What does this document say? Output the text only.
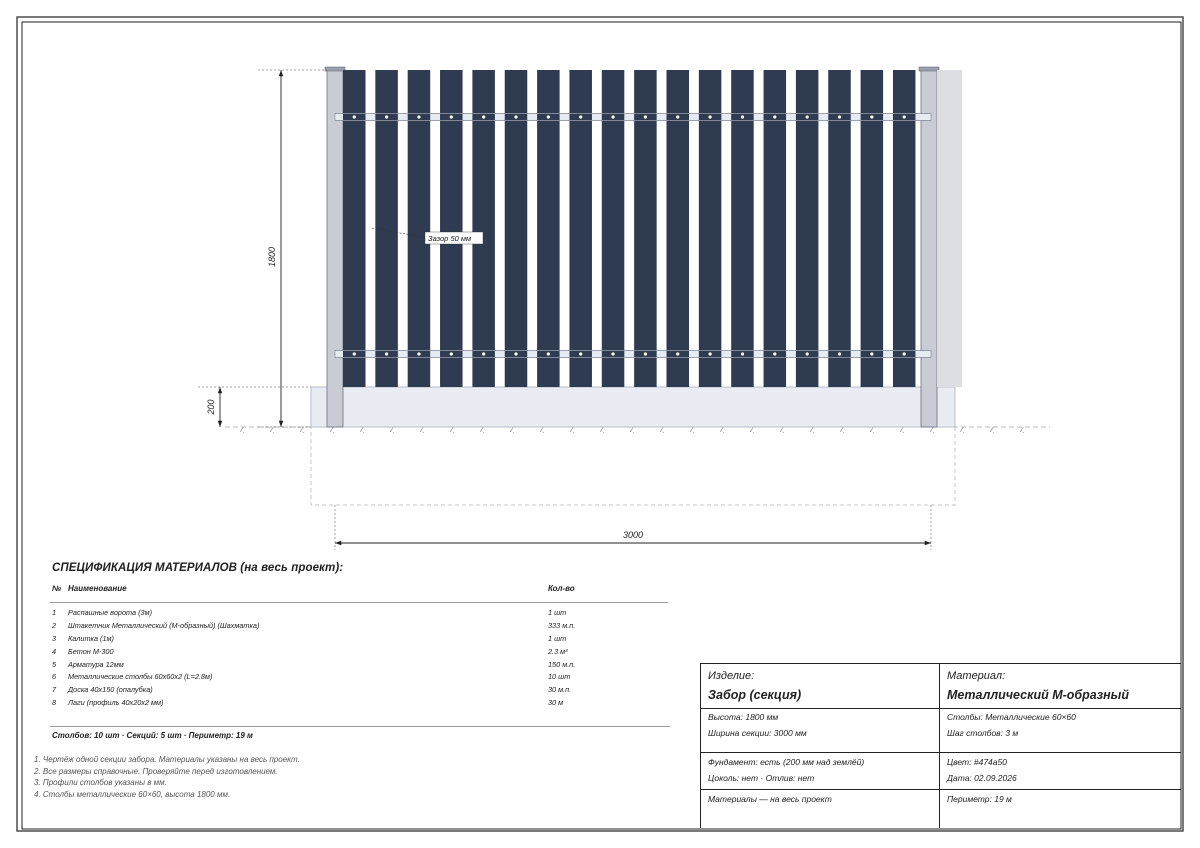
Зазор 50 мм
1800
200
3000
СПЕЦИФИКАЦИЯ МАТЕРИАЛОВ (на весь проект):
№ Наименование	Кол-во
1	Распашные ворота (3м)	1 шт
2	Штакетник Металлический (М-образный) (Шахматка)	333 м.п.
3	Калитка (1м)	1 шт
4	Бетон М-300	2.3 м³
5	Арматура 12мм	150 м.п.
6	Металлические столбы 60x60x2 (L=2.8м)	10 шт
7	Доска 40x150 (опалубка)	30 м.п.
8	Лаги (профиль 40x20x2 мм)	30 м
Столбов: 10 шт · Секций: 5 шт · Периметр: 19 м
1. Чертёж одной секции забора. Материалы указаны на весь проект.
2. Все размеры справочные. Проверяйте перед изготовлением.
3. Профили столбов указаны в мм.
4. Столбы металлические 60×60, высота 1800 мм.
Изделие:
Забор (секция)
Материал:
Металлический М-образный
Высота: 1800 мм
Ширина секции: 3000 мм
Столбы: Металлические 60×60
Шаг столбов: 3 м
Фундамент: есть (200 мм над землёй)
Цоколь: нет · Отлив: нет
Цвет: #474a50
Дата: 02.09.2026
Материалы — на весь проект	Периметр: 19 м
